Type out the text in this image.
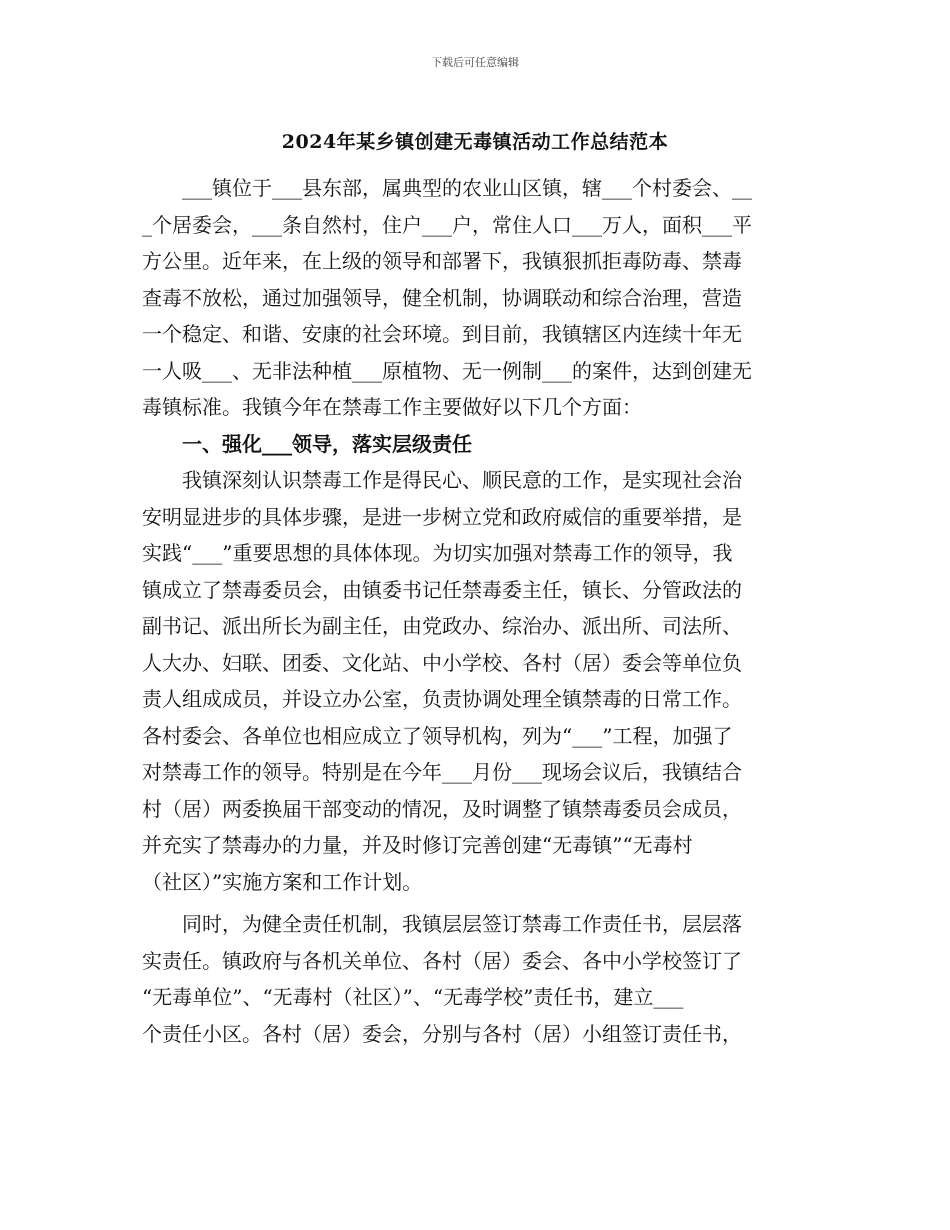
下载后可任意编辑
2024年某乡镇创建无毒镇活动工作总结范本
　　___镇位于___县东部，属典型的农业山区镇，辖___个村委会、__
_个居委会，___条自然村，住户___户，常住人口___万人，面积___平
方公里。近年来，在上级的领导和部署下，我镇狠抓拒毒防毒、禁毒
查毒不放松，通过加强领导，健全机制，协调联动和综合治理，营造
一个稳定、和谐、安康的社会环境。到目前，我镇辖区内连续十年无
一人吸___、无非法种植___原植物、无一例制___的案件，达到创建无
毒镇标准。我镇今年在禁毒工作主要做好以下几个方面：
　　一、强化___领导，落实层级责任
　　我镇深刻认识禁毒工作是得民心、顺民意的工作，是实现社会治
安明显进步的具体步骤，是进一步树立党和政府威信的重要举措，是
实践“___”重要思想的具体体现。为切实加强对禁毒工作的领导，我
镇成立了禁毒委员会，由镇委书记任禁毒委主任，镇长、分管政法的
副书记、派出所长为副主任，由党政办、综治办、派出所、司法所、
人大办、妇联、团委、文化站、中小学校、各村（居）委会等单位负
责人组成成员，并设立办公室，负责协调处理全镇禁毒的日常工作。
各村委会、各单位也相应成立了领导机构，列为“___”工程，加强了
对禁毒工作的领导。特别是在今年___月份___现场会议后，我镇结合
村（居）两委换届干部变动的情况，及时调整了镇禁毒委员会成员，
并充实了禁毒办的力量，并及时修订完善创建“无毒镇”“无毒村
（社区）”实施方案和工作计划。
　　同时，为健全责任机制，我镇层层签订禁毒工作责任书，层层落
实责任。镇政府与各机关单位、各村（居）委会、各中小学校签订了
“无毒单位”、“无毒村（社区）”、“无毒学校”责任书，建立___
个责任小区。各村（居）委会，分别与各村（居）小组签订责任书，
